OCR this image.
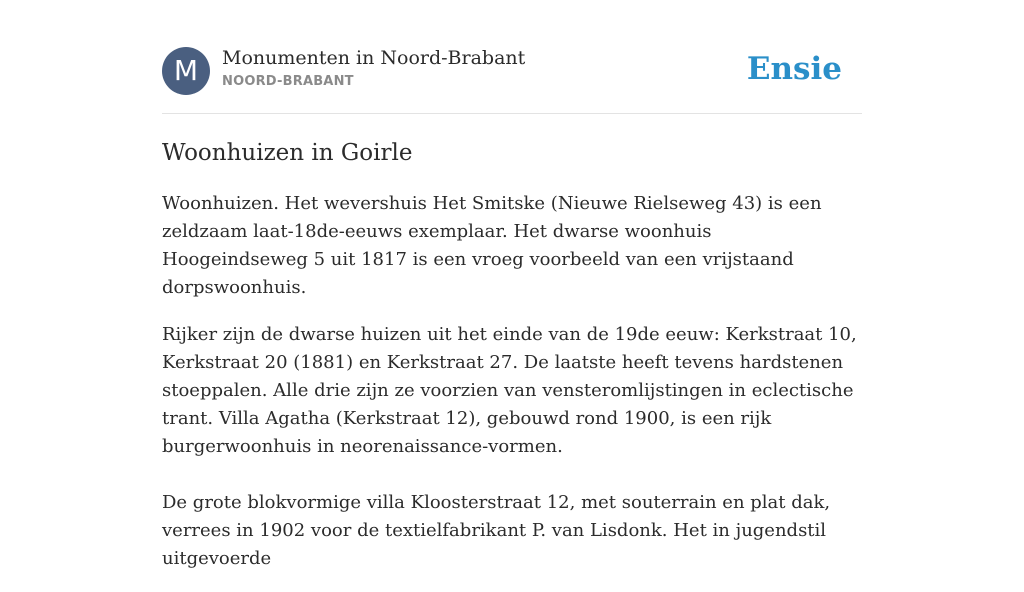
M	Monumenten in Noord-Brabant
NOORD-BRABANT	Ensie
Woonhuizen in Goirle

Woonhuizen. Het wevershuis Het Smitske (Nieuwe Rielseweg 43) is een zeldzaam laat-18de-eeuws exemplaar. Het dwarse woonhuis Hoogeindseweg 5 uit 1817 is een vroeg voorbeeld van een vrijstaand dorpswoonhuis.

Rijker zijn de dwarse huizen uit het einde van de 19de eeuw: Kerkstraat 10, Kerkstraat 20 (1881) en Kerkstraat 27. De laatste heeft tevens hardstenen stoeppalen. Alle drie zijn ze voorzien van vensteromlijstingen in eclectische trant. Villa Agatha (Kerkstraat 12), gebouwd rond 1900, is een rijk burgerwoonhuis in neorenaissance-vormen.

De grote blokvormige villa Kloosterstraat 12, met souterrain en plat dak, verrees in 1902 voor de textielfabrikant P. van Lisdonk. Het in jugendstil uitgevoerde
